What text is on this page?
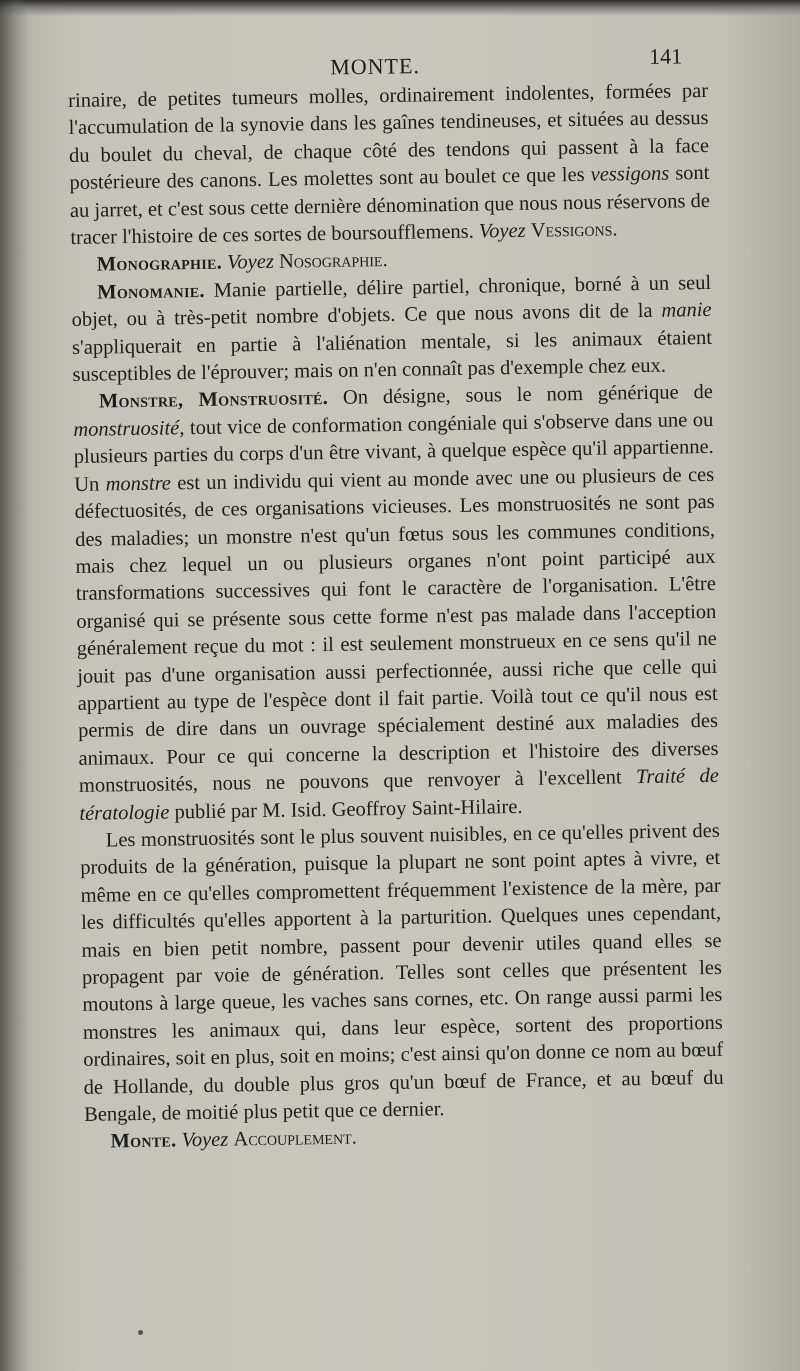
MONTE.	141

rinaire, de petites tumeurs molles, ordinairement indolentes, formées par l'accumulation de la synovie dans les gaînes tendineuses, et situées au dessus du boulet du cheval, de chaque côté des tendons qui passent à la face postérieure des canons. Les molettes sont au boulet ce que les vessigons sont au jarret, et c'est sous cette dernière dénomination que nous nous réservons de tracer l'histoire de ces sortes de boursoufflemens. Voyez Vessigons.

Monographie. Voyez Nosographie.

Monomanie. Manie partielle, délire partiel, chronique, borné à un seul objet, ou à très-petit nombre d'objets. Ce que nous avons dit de la manie s'appliquerait en partie à l'aliénation mentale, si les animaux étaient susceptibles de l'éprouver; mais on n'en connaît pas d'exemple chez eux.

Monstre, Monstruosité. On désigne, sous le nom générique de monstruosité, tout vice de conformation congéniale qui s'observe dans une ou plusieurs parties du corps d'un être vivant, à quelque espèce qu'il appartienne. Un monstre est un individu qui vient au monde avec une ou plusieurs de ces défectuosités, de ces organisations vicieuses. Les monstruosités ne sont pas des maladies; un monstre n'est qu'un fœtus sous les communes conditions, mais chez lequel un ou plusieurs organes n'ont point participé aux transformations successives qui font le caractère de l'organisation. L'être organisé qui se présente sous cette forme n'est pas malade dans l'acception généralement reçue du mot : il est seulement monstrueux en ce sens qu'il ne jouit pas d'une organisation aussi perfectionnée, aussi riche que celle qui appartient au type de l'espèce dont il fait partie. Voilà tout ce qu'il nous est permis de dire dans un ouvrage spécialement destiné aux maladies des animaux. Pour ce qui concerne la description et l'histoire des diverses monstruosités, nous ne pouvons que renvoyer à l'excellent Traité de tératologie publié par M. Isid. Geoffroy Saint-Hilaire.

Les monstruosités sont le plus souvent nuisibles, en ce qu'elles privent des produits de la génération, puisque la plupart ne sont point aptes à vivre, et même en ce qu'elles compromettent fréquemment l'existence de la mère, par les difficultés qu'elles apportent à la parturition. Quelques unes cependant, mais en bien petit nombre, passent pour devenir utiles quand elles se propagent par voie de génération. Telles sont celles que présentent les moutons à large queue, les vaches sans cornes, etc. On range aussi parmi les monstres les animaux qui, dans leur espèce, sortent des proportions ordinaires, soit en plus, soit en moins; c'est ainsi qu'on donne ce nom au bœuf de Hollande, du double plus gros qu'un bœuf de France, et au bœuf du Bengale, de moitié plus petit que ce dernier.

Monte. Voyez Accouplement.
